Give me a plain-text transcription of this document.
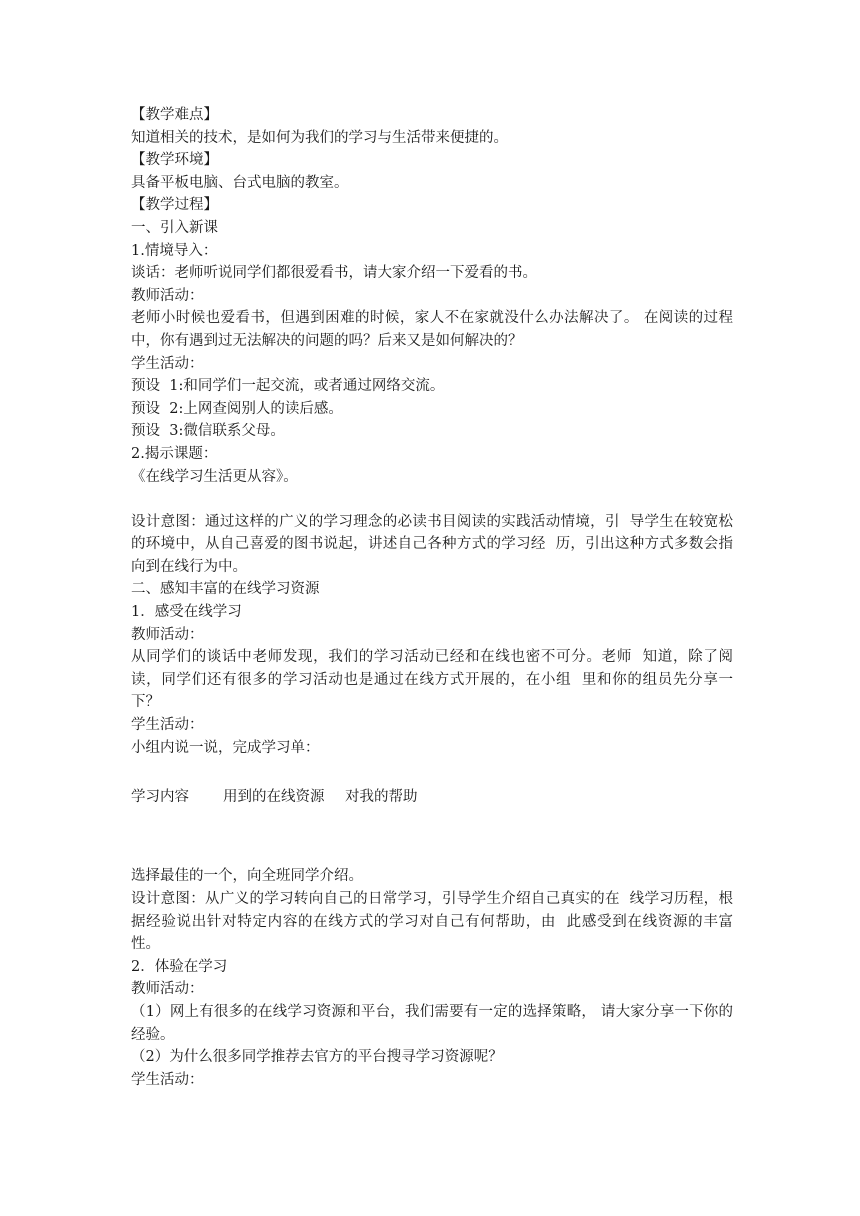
【教学难点】
知道相关的技术，是如何为我们的学习与生活带来便捷的。
【教学环境】
具备平板电脑、台式电脑的教室。
【教学过程】
一、引入新课
1.情境导入：
谈话：老师听说同学们都很爱看书，请大家介绍一下爱看的书。
教师活动：
老师小时候也爱看书，但遇到困难的时候，家人不在家就没什么办法解决了。 在阅读的过程中，你有遇到过无法解决的问题的吗？后来又是如何解决的？
学生活动：
预设  1:和同学们一起交流，或者通过网络交流。
预设  2:上网查阅别人的读后感。
预设  3:微信联系父母。
2.揭示课题：
《在线学习生活更从容》。
设计意图：通过这样的广义的学习理念的必读书目阅读的实践活动情境，引  导学生在较宽松的环境中，从自己喜爱的图书说起，讲述自己各种方式的学习经  历，引出这种方式多数会指向到在线行为中。
二、感知丰富的在线学习资源
1．感受在线学习
教师活动：
从同学们的谈话中老师发现，我们的学习活动已经和在线也密不可分。老师  知道，除了阅读，同学们还有很多的学习活动也是通过在线方式开展的，在小组  里和你的组员先分享一下？
学生活动：
小组内说一说，完成学习单：
学习内容	用到的在线资源	对我的帮助
选择最佳的一个，向全班同学介绍。
设计意图：从广义的学习转向自己的日常学习，引导学生介绍自己真实的在  线学习历程，根据经验说出针对特定内容的在线方式的学习对自己有何帮助，由  此感受到在线资源的丰富性。
2．体验在学习
教师活动：
（1）网上有很多的在线学习资源和平台，我们需要有一定的选择策略， 请大家分享一下你的经验。
（2）为什么很多同学推荐去官方的平台搜寻学习资源呢？
学生活动：
